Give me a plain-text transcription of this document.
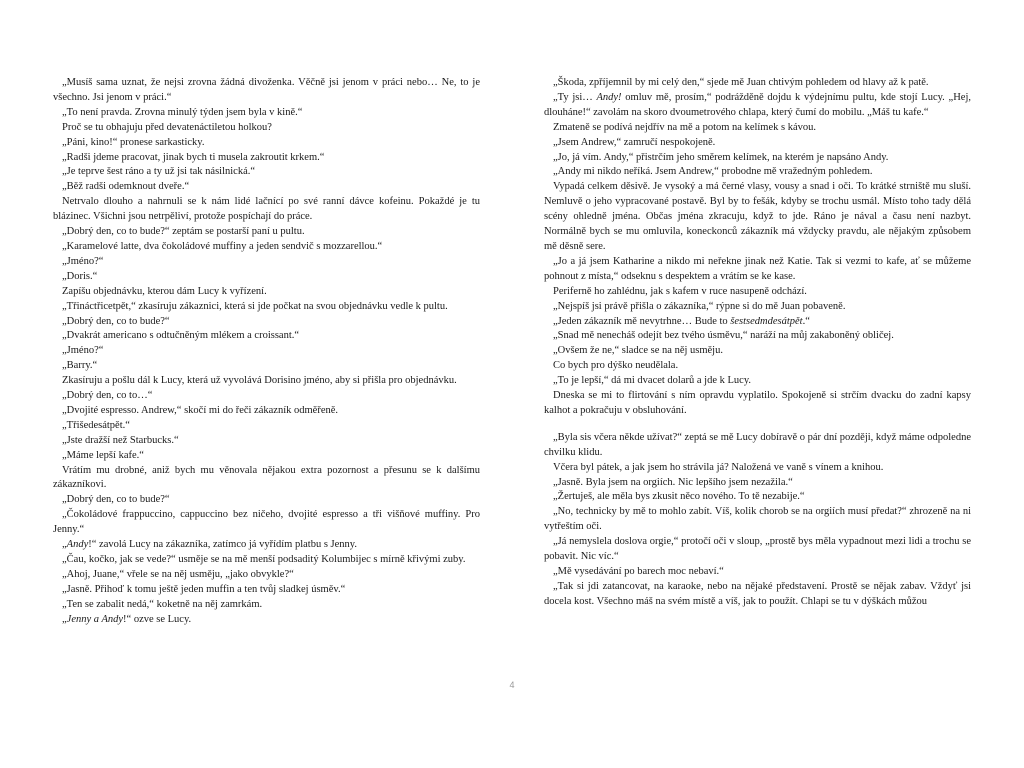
„Musíš sama uznat, že nejsi zrovna žádná divoženka. Věčně jsi jenom v práci nebo… Ne, to je všechno. Jsi jenom v práci.“

„To není pravda. Zrovna minulý týden jsem byla v kině.“

Proč se tu obhajuju před devatenáctiletou holkou?

„Páni, kino!“ pronese sarkasticky.

„Radši jdeme pracovat, jinak bych ti musela zakroutit krkem.“

„Je teprve šest ráno a ty už jsi tak násilnická.“

„Běž radši odemknout dveře.“

Netrvalo dlouho a nahrnuli se k nám lidé lačnící po své ranní dávce kofeinu. Pokaždé je tu blázinec. Všichni jsou netrpěliví, protože pospíchají do práce.

„Dobrý den, co to bude?“ zeptám se postarší paní u pultu.

„Karamelové latte, dva čokoládové muffiny a jeden sendvič s mozzarellou.“

„Jméno?“

„Doris.“

Zapíšu objednávku, kterou dám Lucy k vyřízení.

„Třináctřicetpět,“ zkasíruju zákaznici, která si jde počkat na svou objednávku vedle k pultu.

„Dobrý den, co to bude?“

„Dvakrát americano s odtučněným mlékem a croissant.“

„Jméno?“

„Barry.“

Zkasíruju a pošlu dál k Lucy, která už vyvolává Dorisino jméno, aby si přišla pro objednávku.

„Dobrý den, co to…“

„Dvojité espresso. Andrew,“ skočí mi do řeči zákazník odměřeně.

„Třišedesátpět.“

„Jste dražší než Starbucks.“

„Máme lepší kafe.“

Vrátím mu drobné, aniž bych mu věnovala nějakou extra pozornost a přesunu se k dalšímu zákazníkovi.

„Dobrý den, co to bude?“

„Čokoládové frappuccino, cappuccino bez ničeho, dvojité espresso a tři višňové muffiny. Pro Jenny.“

„Andy!“ zavolá Lucy na zákazníka, zatímco já vyřídím platbu s Jenny.

„Čau, kočko, jak se vede?“ usměje se na mě menší podsaditý Kolumbijec s mírně křivými zuby.

„Ahoj, Juane,“ vřele se na něj usměju, „jako obvykle?“

„Jasně. Přihoď k tomu ještě jeden muffin a ten tvůj sladkej úsměv.“

„Ten se zabalit nedá,“ koketně na něj zamrkám.

„Jenny a Andy!“ ozve se Lucy.

„Škoda, zpříjemnil by mi celý den,“ sjede mě Juan chtivým pohledem od hlavy až k patě.

„Ty jsi… Andy! omluv mě, prosím,“ podrážděně dojdu k výdejnímu pultu, kde stojí Lucy. „Hej, dlouháne!“ zavolám na skoro dvoumetrového chlapa, který čumí do mobilu. „Máš tu kafe.“

Zmateně se podívá nejdřív na mě a potom na kelímek s kávou.

„Jsem Andrew,“ zamručí nespokojeně.

„Jo, já vím. Andy,“ přistrčím jeho směrem kelímek, na kterém je napsáno Andy.

„Andy mi nikdo neříká. Jsem Andrew,“ probodne mě vražedným pohledem.

Vypadá celkem děsivě. Je vysoký a má černé vlasy, vousy a snad i oči. To krátké strniště mu sluší. Nemluvě o jeho vypracované postavě. Byl by to fešák, kdyby se trochu usmál. Místo toho tady dělá scény ohledně jména. Občas jména zkracuju, když to jde. Ráno je nával a času není nazbyt. Normálně bych se mu omluvila, koneckonců zákazník má vždycky pravdu, ale nějakým způsobem mě děsně sere.

„Jo a já jsem Katharine a nikdo mi neřekne jinak než Katie. Tak si vezmi to kafe, ať se můžeme pohnout z místa,“ odseknu s despektem a vrátím se ke kase.

Periferně ho zahlédnu, jak s kafem v ruce nasupeně odchází.

„Nejspíš jsi právě přišla o zákazníka,“ rýpne si do mě Juan pobaveně.

„Jeden zákazník mě nevytrhne… Bude to šestsedmdesátpět.“

„Snad mě nenecháš odejít bez tvého úsměvu,“ naráží na můj zakaboněný obličej.

„Ovšem že ne,“ sladce se na něj usměju.

Co bych pro dýško neudělala.

„To je lepší,“ dá mi dvacet dolarů a jde k Lucy.

Dneska se mi to flirtování s ním opravdu vyplatilo. Spokojeně si strčím dvacku do zadní kapsy kalhot a pokračuju v obsluhování.

„Byla sis včera někde užívat?“ zeptá se mě Lucy dobíravě o pár dní později, když máme odpoledne chvilku klidu.

Včera byl pátek, a jak jsem ho strávila já? Naložená ve vaně s vínem a knihou.

„Jasně. Byla jsem na orgiích. Nic lepšího jsem nezažila.“

„Žertuješ, ale měla bys zkusit něco nového. To tě nezabije.“

„No, technicky by mě to mohlo zabít. Víš, kolik chorob se na orgiích musí předat?“ zhrozeně na ni vytřeštím oči.

„Já nemyslela doslova orgie,“ protočí oči v sloup, „prostě bys měla vypadnout mezi lidi a trochu se pobavit. Nic víc.“

„Mě vysedávání po barech moc nebaví.“

„Tak si jdi zatancovat, na karaoke, nebo na nějaké představení. Prostě se nějak zabav. Vždyť jsi docela kost. Všechno máš na svém místě a víš, jak to použít. Chlapi se tu v dýškách můžou

4
